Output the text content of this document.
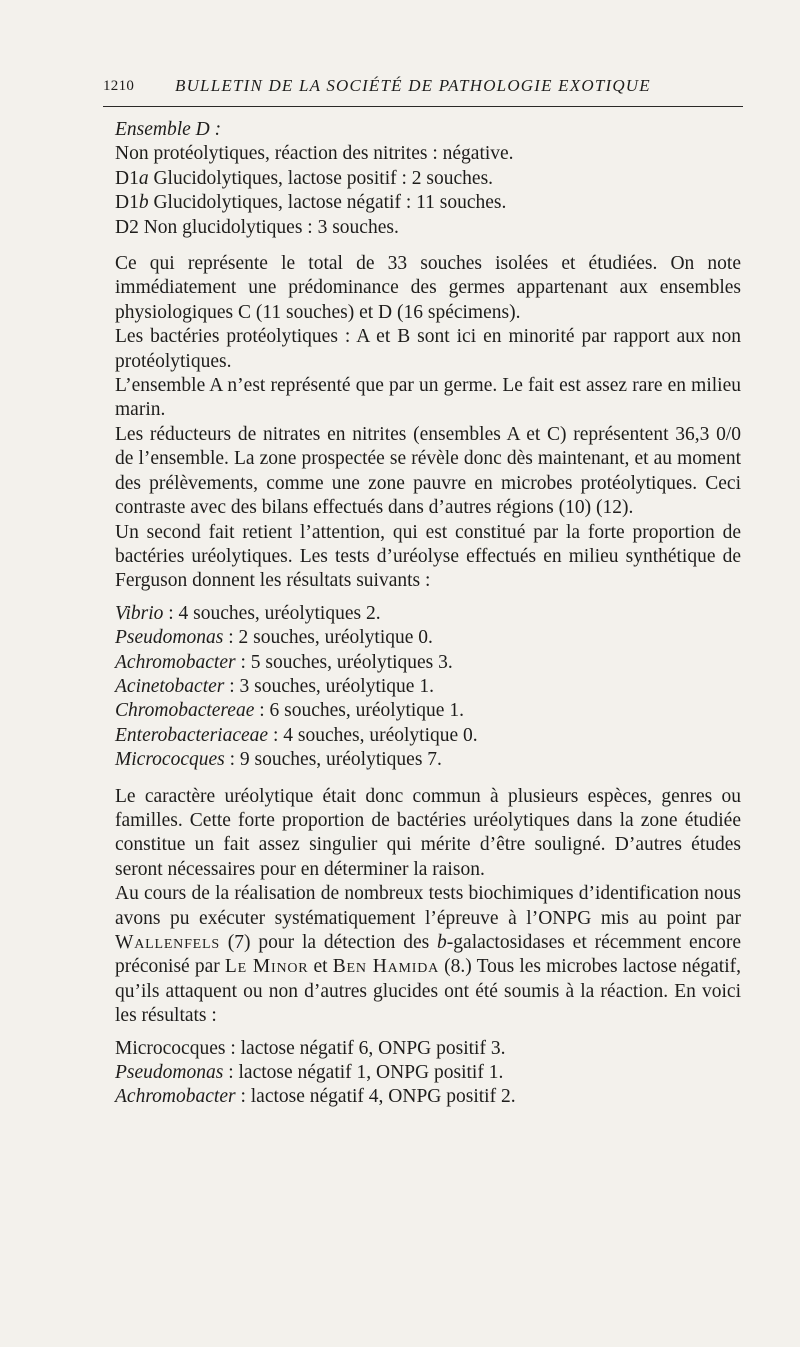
1210 BULLETIN DE LA SOCIÉTÉ DE PATHOLOGIE EXOTIQUE

Ensemble D :

Non protéolytiques, réaction des nitrites : négative.

D1a Glucidolytiques, lactose positif : 2 souches.

D1b Glucidolytiques, lactose négatif : 11 souches.

D2 Non glucidolytiques : 3 souches.

Ce qui représente le total de 33 souches isolées et étudiées. On note immédiatement une prédominance des germes appartenant aux ensembles physiologiques C (11 souches) et D (16 spécimens).

Les bactéries protéolytiques : A et B sont ici en minorité par rapport aux non protéolytiques.

L’ensemble A n’est représenté que par un germe. Le fait est assez rare en milieu marin.

Les réducteurs de nitrates en nitrites (ensembles A et C) représentent 36,3 0/0 de l’ensemble. La zone prospectée se révèle donc dès maintenant, et au moment des prélèvements, comme une zone pauvre en microbes protéolytiques. Ceci contraste avec des bilans effectués dans d’autres régions (10) (12).

Un second fait retient l’attention, qui est constitué par la forte proportion de bactéries uréolytiques. Les tests d’uréolyse effectués en milieu synthétique de Ferguson donnent les résultats suivants :

Vibrio : 4 souches, uréolytiques 2.

Pseudomonas : 2 souches, uréolytique 0.

Achromobacter : 5 souches, uréolytiques 3.

Acinetobacter : 3 souches, uréolytique 1.

Chromobactereae : 6 souches, uréolytique 1.

Enterobacteriaceae : 4 souches, uréolytique 0.

Micrococques : 9 souches, uréolytiques 7.

Le caractère uréolytique était donc commun à plusieurs espèces, genres ou familles. Cette forte proportion de bactéries uréolytiques dans la zone étudiée constitue un fait assez singulier qui mérite d’être souligné. D’autres études seront nécessaires pour en déterminer la raison.

Au cours de la réalisation de nombreux tests biochimiques d’identification nous avons pu exécuter systématiquement l’épreuve à l’ONPG mis au point par Wallenfels (7) pour la détection des b-galactosidases et récemment encore préconisé par Le Minor et Ben Hamida (8.) Tous les microbes lactose négatif, qu’ils attaquent ou non d’autres glucides ont été soumis à la réaction. En voici les résultats :

Micrococques : lactose négatif 6, ONPG positif 3.

Pseudomonas : lactose négatif 1, ONPG positif 1.

Achromobacter : lactose négatif 4, ONPG positif 2.
